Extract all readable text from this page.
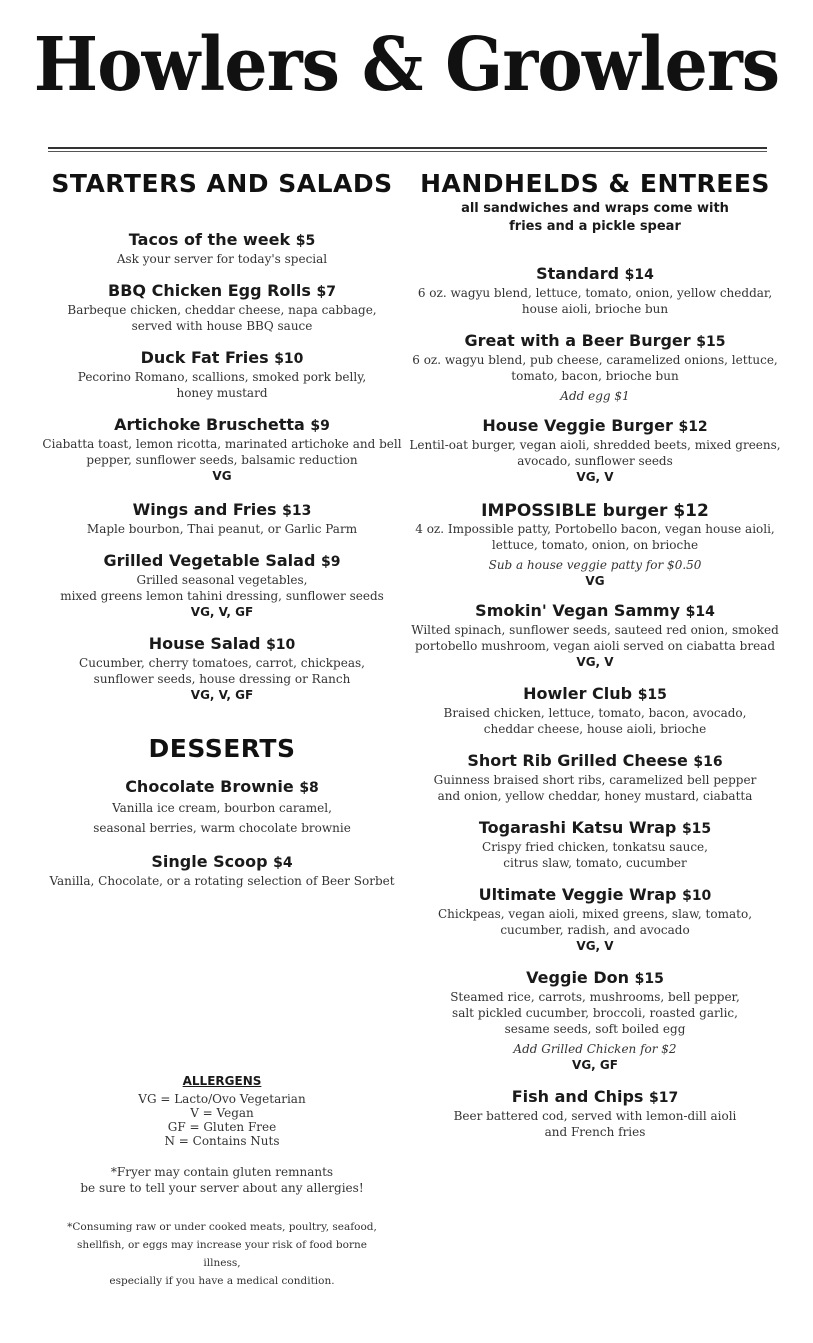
Howlers & Growlers
STARTERS AND SALADS

Tacos of the week $5

Ask your server for today's special

BBQ Chicken Egg Rolls $7

Barbeque chicken, cheddar cheese, napa cabbage,
served with house BBQ sauce

Duck Fat Fries $10

Pecorino Romano, scallions, smoked pork belly,
honey mustard

Artichoke Bruschetta $9

Ciabatta toast, lemon ricotta, marinated artichoke and bell
pepper, sunflower seeds, balsamic reduction

VG

Wings and Fries $13

Maple bourbon, Thai peanut, or Garlic Parm

Grilled Vegetable Salad $9

Grilled seasonal vegetables,
mixed greens lemon tahini dressing, sunflower seeds

VG, V, GF

House Salad $10

Cucumber, cherry tomatoes, carrot, chickpeas,
sunflower seeds, house dressing or Ranch

VG, V, GF

DESSERTS

Chocolate Brownie $8

Vanilla ice cream, bourbon caramel,
seasonal berries, warm chocolate brownie

Single Scoop $4

Vanilla, Chocolate, or a rotating selection of Beer Sorbet

ALLERGENS

VG = Lacto/Ovo Vegetarian

V = Vegan

GF = Gluten Free

N = Contains Nuts

*Fryer may contain gluten remnants
be sure to tell your server about any allergies!

*Consuming raw or under cooked meats, poultry, seafood,
shellfish, or eggs may increase your risk of food borne illness,
especially if you have a medical condition.

HANDHELDS & ENTREES

all sandwiches and wraps come with
fries and a pickle spear

Standard $14

6 oz. wagyu blend, lettuce, tomato, onion, yellow cheddar,
house aioli, brioche bun

Great with a Beer Burger $15

6 oz. wagyu blend, pub cheese, caramelized onions, lettuce,
tomato, bacon, brioche bun

Add egg $1

House Veggie Burger $12

Lentil-oat burger, vegan aioli, shredded beets, mixed greens,
avocado, sunflower seeds

VG, V

IMPOSSIBLE burger $12

4 oz. Impossible patty, Portobello bacon, vegan house aioli,
lettuce, tomato, onion, on brioche

Sub a house veggie patty for $0.50

VG

Smokin' Vegan Sammy $14

Wilted spinach, sunflower seeds, sauteed red onion, smoked
portobello mushroom, vegan aioli served on ciabatta bread

VG, V

Howler Club $15

Braised chicken, lettuce, tomato, bacon, avocado,
cheddar cheese, house aioli, brioche

Short Rib Grilled Cheese $16

Guinness braised short ribs, caramelized bell pepper
and onion, yellow cheddar, honey mustard, ciabatta

Togarashi Katsu Wrap $15

Crispy fried chicken, tonkatsu sauce,
citrus slaw, tomato, cucumber

Ultimate Veggie Wrap $10

Chickpeas, vegan aioli, mixed greens, slaw, tomato,
cucumber, radish, and avocado

VG, V

Veggie Don $15

Steamed rice, carrots, mushrooms, bell pepper,
salt pickled cucumber, broccoli, roasted garlic,
sesame seeds, soft boiled egg

Add Grilled Chicken for $2

VG, GF

Fish and Chips $17

Beer battered cod, served with lemon-dill aioli
and French fries
